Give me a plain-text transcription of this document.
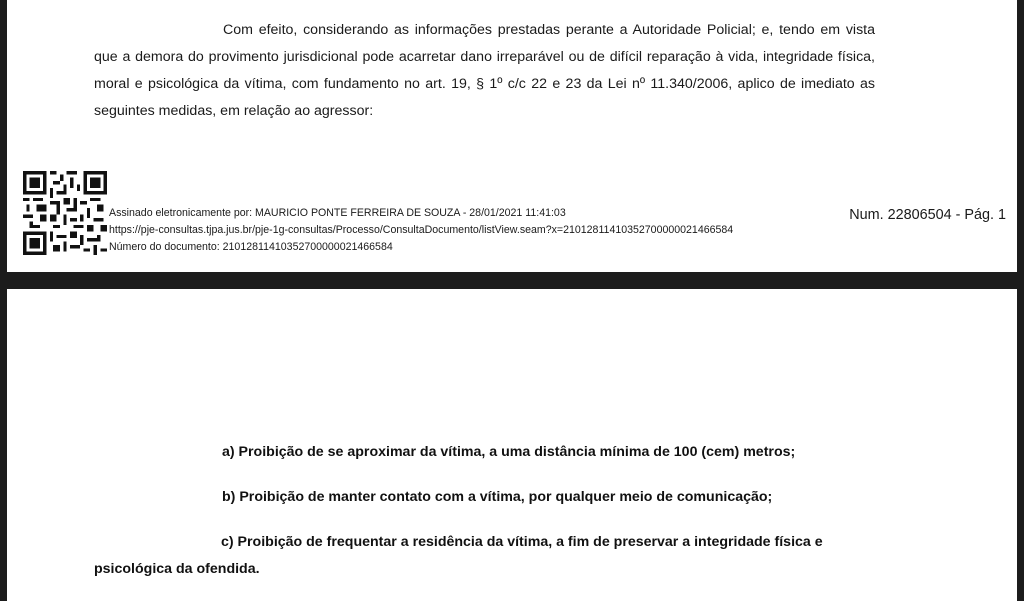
Com efeito, considerando as informações prestadas perante a Autoridade Policial; e, tendo em vista que a demora do provimento jurisdicional pode acarretar dano irreparável ou de difícil reparação à vida, integridade física, moral e psicológica da vítima, com fundamento no art. 19, § 1º c/c 22 e 23 da Lei nº 11.340/2006, aplico de imediato as seguintes medidas, em relação ao agressor:

Assinado eletronicamente por: MAURICIO PONTE FERREIRA DE SOUZA - 28/01/2021 11:41:03
https://pje-consultas.tjpa.jus.br/pje-1g-consultas/Processo/ConsultaDocumento/listView.seam?x=21012811410352700000021466584
Número do documento: 21012811410352700000021466584
Num. 22806504 - Pág. 1

a) Proibição de se aproximar da vítima, a uma distância mínima de 100 (cem) metros;

b) Proibição de manter contato com a vítima, por qualquer meio de comunicação;

c) Proibição de frequentar a residência da vítima, a fim de preservar a integridade física e psicológica da ofendida.
